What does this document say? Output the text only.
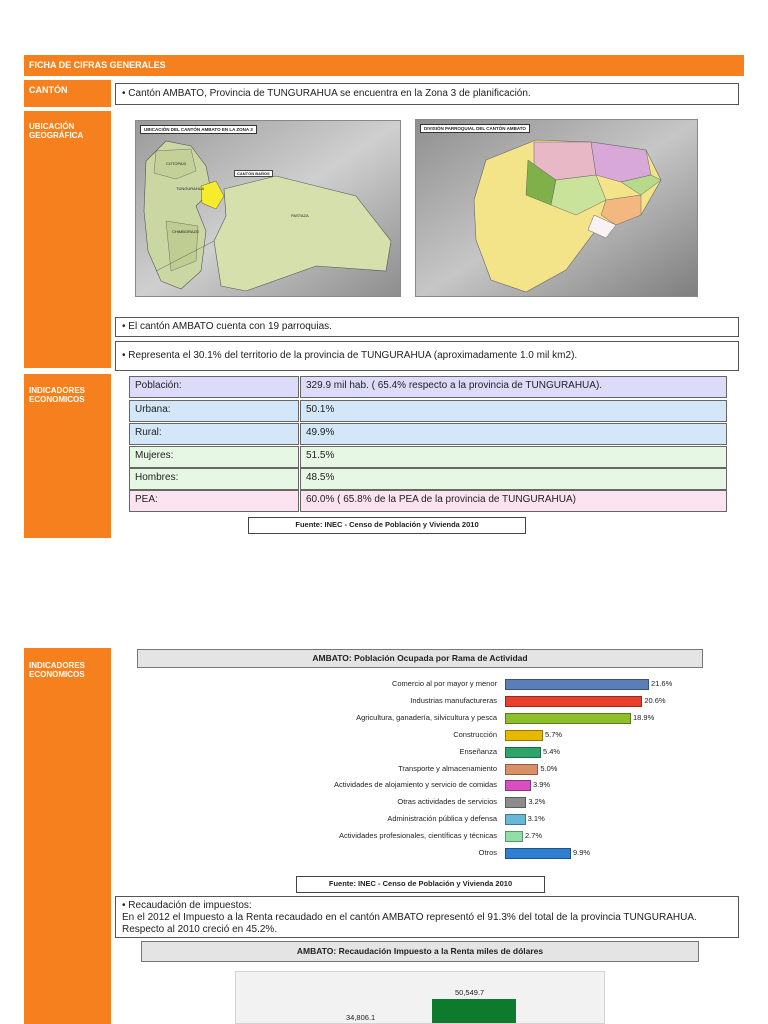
FICHA DE CIFRAS GENERALES
CANTÓN	• Cantón AMBATO, Provincia de TUNGURAHUA se encuentra en la Zona 3 de planificación.
UBICACIÓN GEOGRÁFICA
UBICACIÓN DEL CANTÓN AMBATO EN LA ZONA 3
COTOPAXI
TUNGURAHUA
CANTÓN BAÑOS
CHIMBORAZO
PASTAZA
DIVISIÓN PARROQUIAL DEL CANTÓN AMBATO
• El cantón AMBATO cuenta con 19 parroquias.
• Representa el 30.1% del territorio de la provincia de TUNGURAHUA (aproximadamente 1.0 mil km2).
INDICADORES ECONOMICOS
Población:	329.9 mil hab. ( 65.4% respecto a la provincia de TUNGURAHUA).
Urbana:	50.1%
Rural:	49.9%
Mujeres:	51.5%
Hombres:	48.5%
PEA:	60.0% ( 65.8% de la PEA de la provincia de TUNGURAHUA)
Fuente: INEC - Censo de Población y Vivienda 2010
INDICADORES ECONOMICOS
AMBATO: Población Ocupada por Rama de Actividad
Comercio al por mayor y menor	21.6%
Industrias manufactureras	20.6%
Agricultura, ganadería, silvicultura y pesca	18.9%
Construcción	5.7%
Enseñanza	5.4%
Transporte y almacenamiento	5.0%
Actividades de alojamiento y servicio de comidas	3.9%
Otras actividades de servicios	3.2%
Administración pública y defensa	3.1%
Actividades profesionales, científicas y técnicas	2.7%
Otros	9.9%
Fuente: INEC - Censo de Población y Vivienda 2010
• Recaudación de impuestos:
En el 2012 el Impuesto a la Renta recaudado en el cantón AMBATO representó el 91.3% del total de la provincia TUNGURAHUA. Respecto al 2010 creció en 45.2%.
AMBATO: Recaudación Impuesto a la Renta miles de dólares
34,806.1
50,549.7
